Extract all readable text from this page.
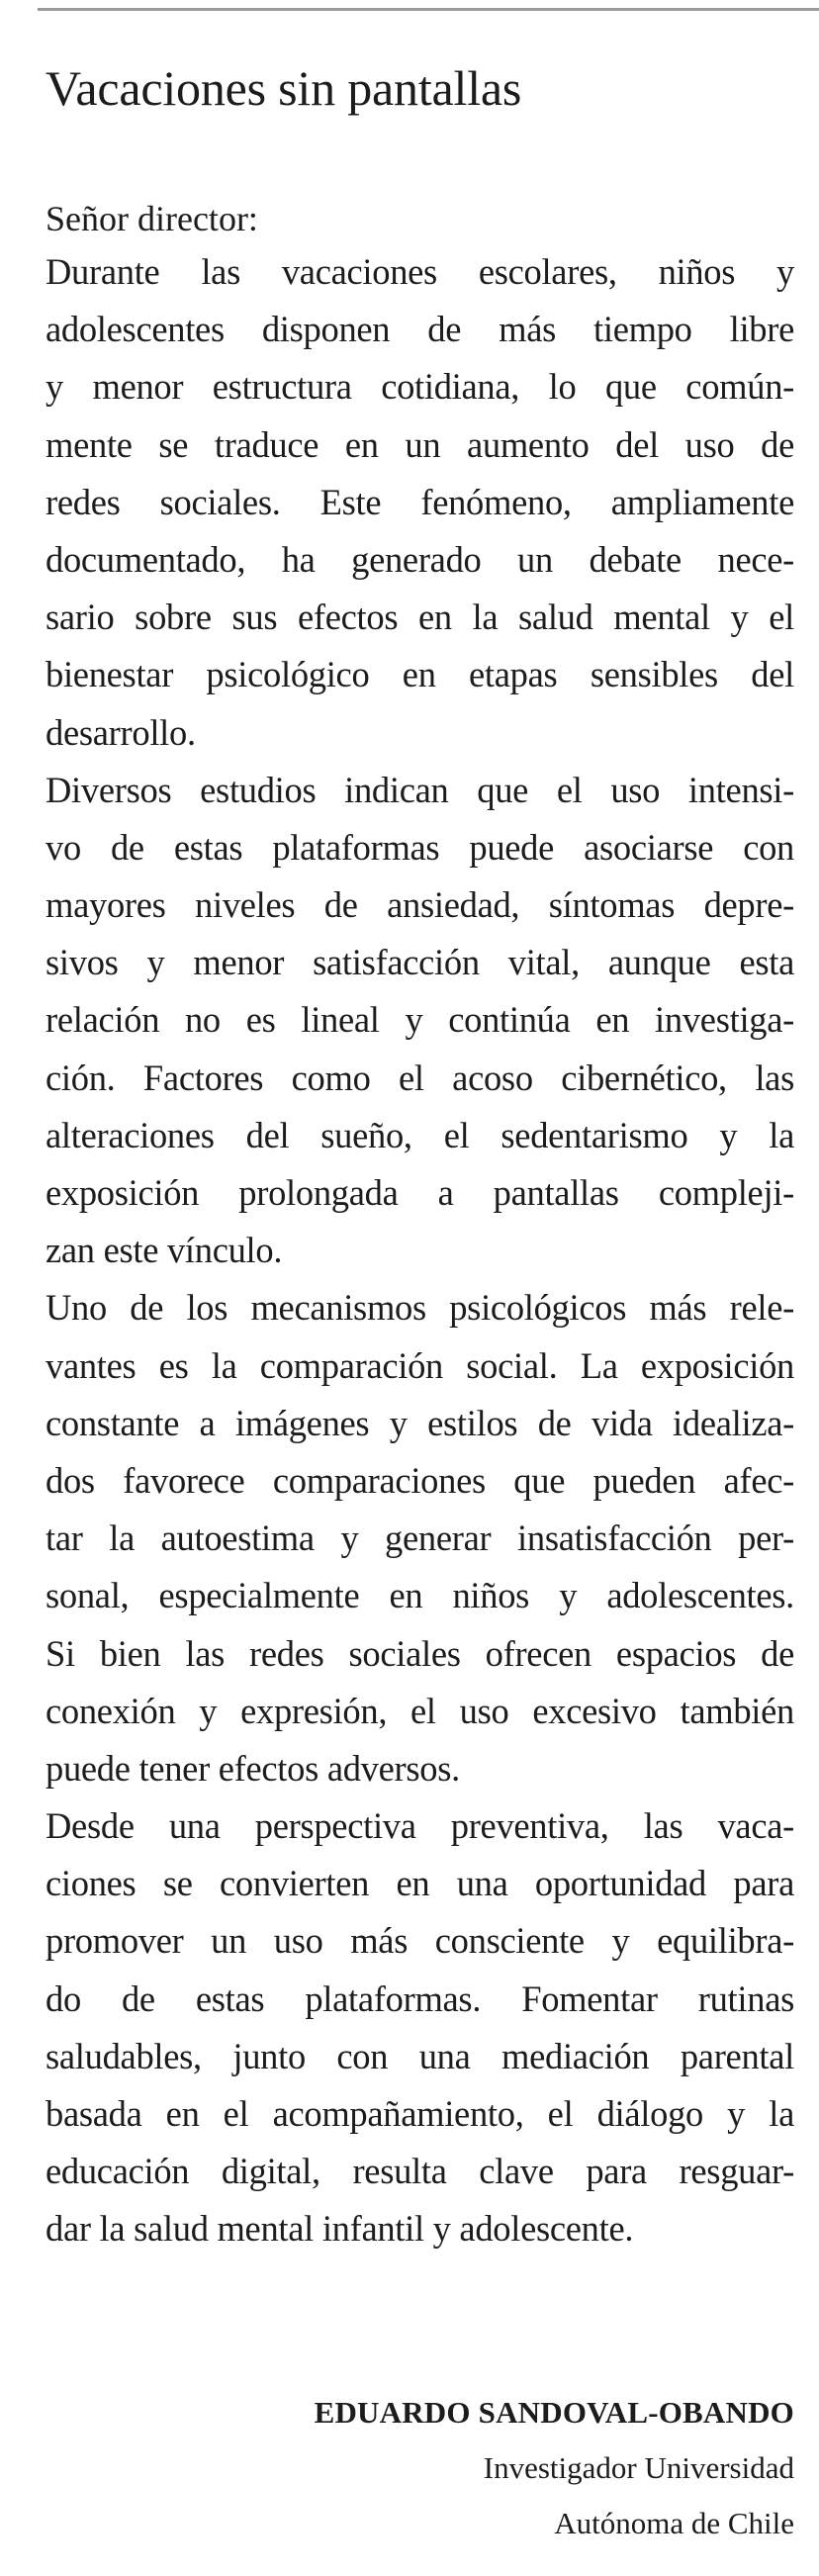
Vacaciones sin pantallas

Señor director:

Durante las vacaciones escolares, niños y
adolescentes disponen de más tiempo libre
y menor estructura cotidiana, lo que común-
mente se traduce en un aumento del uso de
redes sociales. Este fenómeno, ampliamente
documentado, ha generado un debate nece-
sario sobre sus efectos en la salud mental y el
bienestar psicológico en etapas sensibles del
desarrollo.
Diversos estudios indican que el uso intensi-
vo de estas plataformas puede asociarse con
mayores niveles de ansiedad, síntomas depre-
sivos y menor satisfacción vital, aunque esta
relación no es lineal y continúa en investiga-
ción. Factores como el acoso cibernético, las
alteraciones del sueño, el sedentarismo y la
exposición prolongada a pantallas compleji-
zan este vínculo.
Uno de los mecanismos psicológicos más rele-
vantes es la comparación social. La exposición
constante a imágenes y estilos de vida idealiza-
dos favorece comparaciones que pueden afec-
tar la autoestima y generar insatisfacción per-
sonal, especialmente en niños y adolescentes.
Si bien las redes sociales ofrecen espacios de
conexión y expresión, el uso excesivo también
puede tener efectos adversos.
Desde una perspectiva preventiva, las vaca-
ciones se convierten en una oportunidad para
promover un uso más consciente y equilibra-
do de estas plataformas. Fomentar rutinas
saludables, junto con una mediación parental
basada en el acompañamiento, el diálogo y la
educación digital, resulta clave para resguar-
dar la salud mental infantil y adolescente.
EDUARDO SANDOVAL-OBANDO
Investigador Universidad
Autónoma de Chile
